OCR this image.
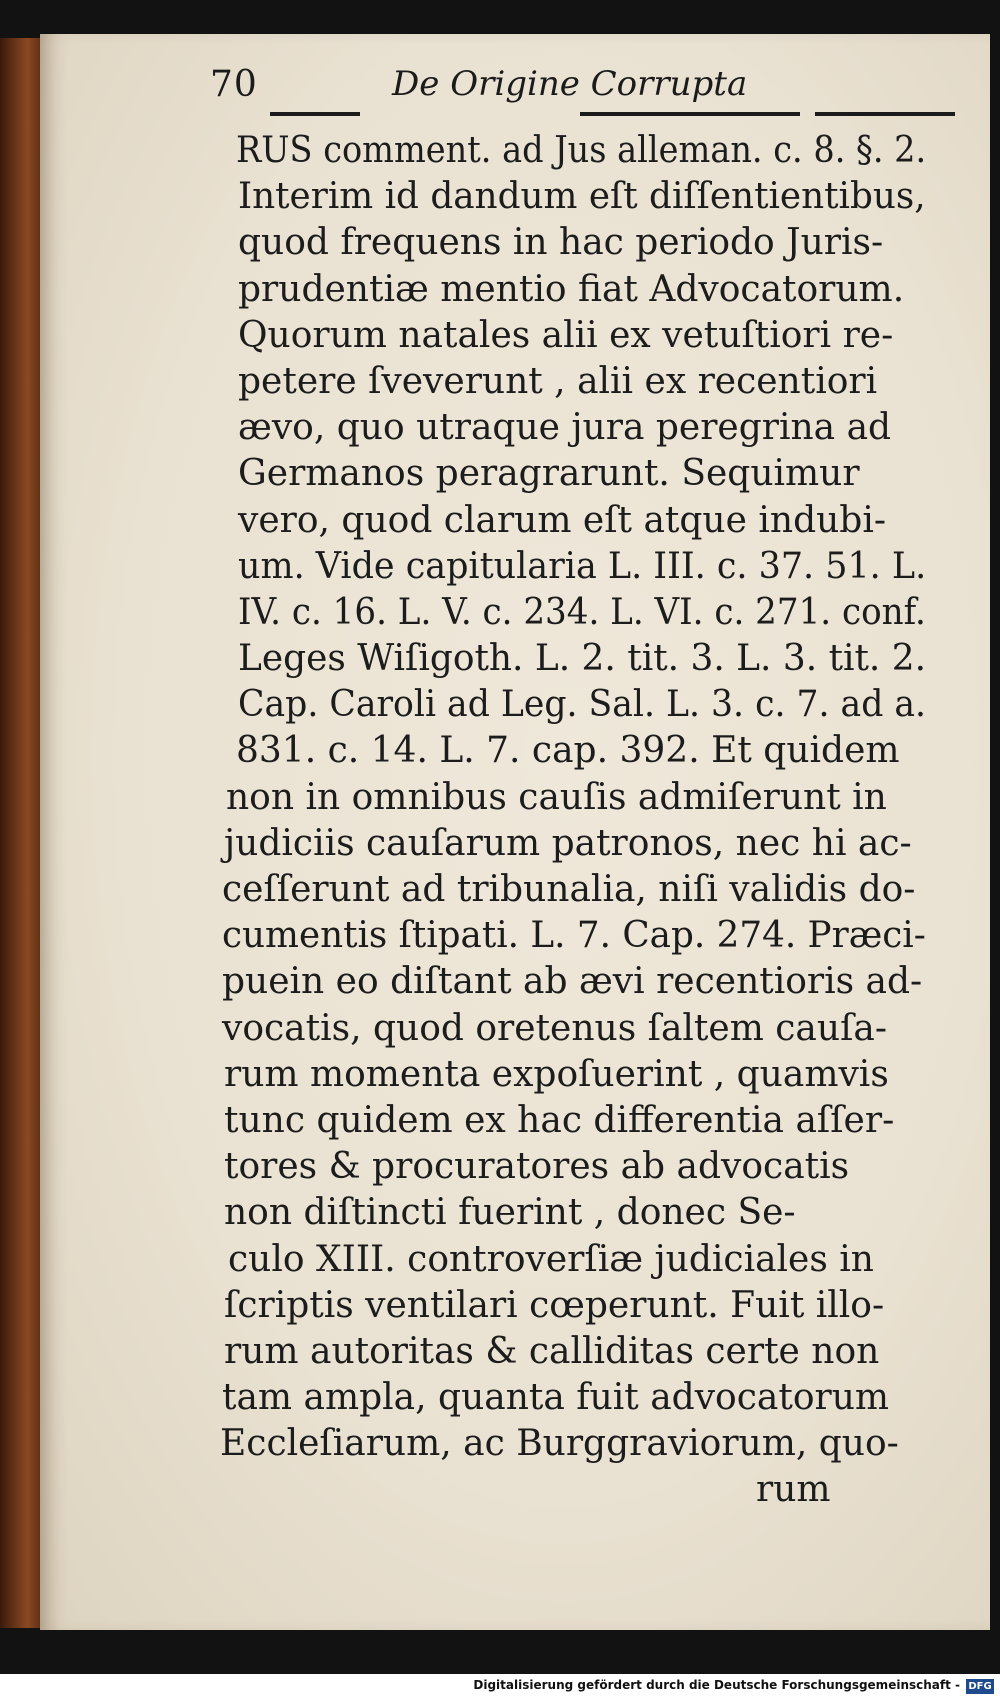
70	De Origine Corrupta
RUS comment. ad Jus alleman. c. 8. §. 2.
Interim id dandum eſt diſſentientibus,
quod frequens in hac periodo Juris-
prudentiæ mentio fiat Advocatorum.
Quorum natales alii ex vetuſtiori re-
petere ſveverunt , alii ex recentiori
ævo, quo utraque jura peregrina ad
Germanos peragrarunt. Sequimur
vero, quod clarum eſt atque indubi-
um. Vide capitularia L. III. c. 37. 51. L.
IV. c. 16. L. V. c. 234. L. VI. c. 271. conf.
Leges Wiſigoth. L. 2. tit. 3. L. 3. tit. 2.
Cap. Caroli ad Leg. Sal. L. 3. c. 7. ad a.
831. c. 14. L. 7. cap. 392. Et quidem
non in omnibus cauſis admiſerunt in
judiciis cauſarum patronos, nec hi ac-
ceſſerunt ad tribunalia, niſi validis do-
cumentis ſtipati. L. 7. Cap. 274. Præci-
puein eo diſtant ab ævi recentioris ad-
vocatis, quod oretenus ſaltem cauſa-
rum momenta expoſuerint , quamvis
tunc quidem ex hac differentia aſſer-
tores & procuratores ab advocatis
non diſtincti fuerint , donec Se-
culo XIII. controverſiæ judiciales in
ſcriptis ventilari cœperunt. Fuit illo-
rum autoritas & calliditas certe non
tam ampla, quanta fuit advocatorum
Eccleſiarum, ac Burggraviorum, quo-
rum
Digitalisierung gefördert durch die Deutsche Forschungsgemeinschaft - DFG
